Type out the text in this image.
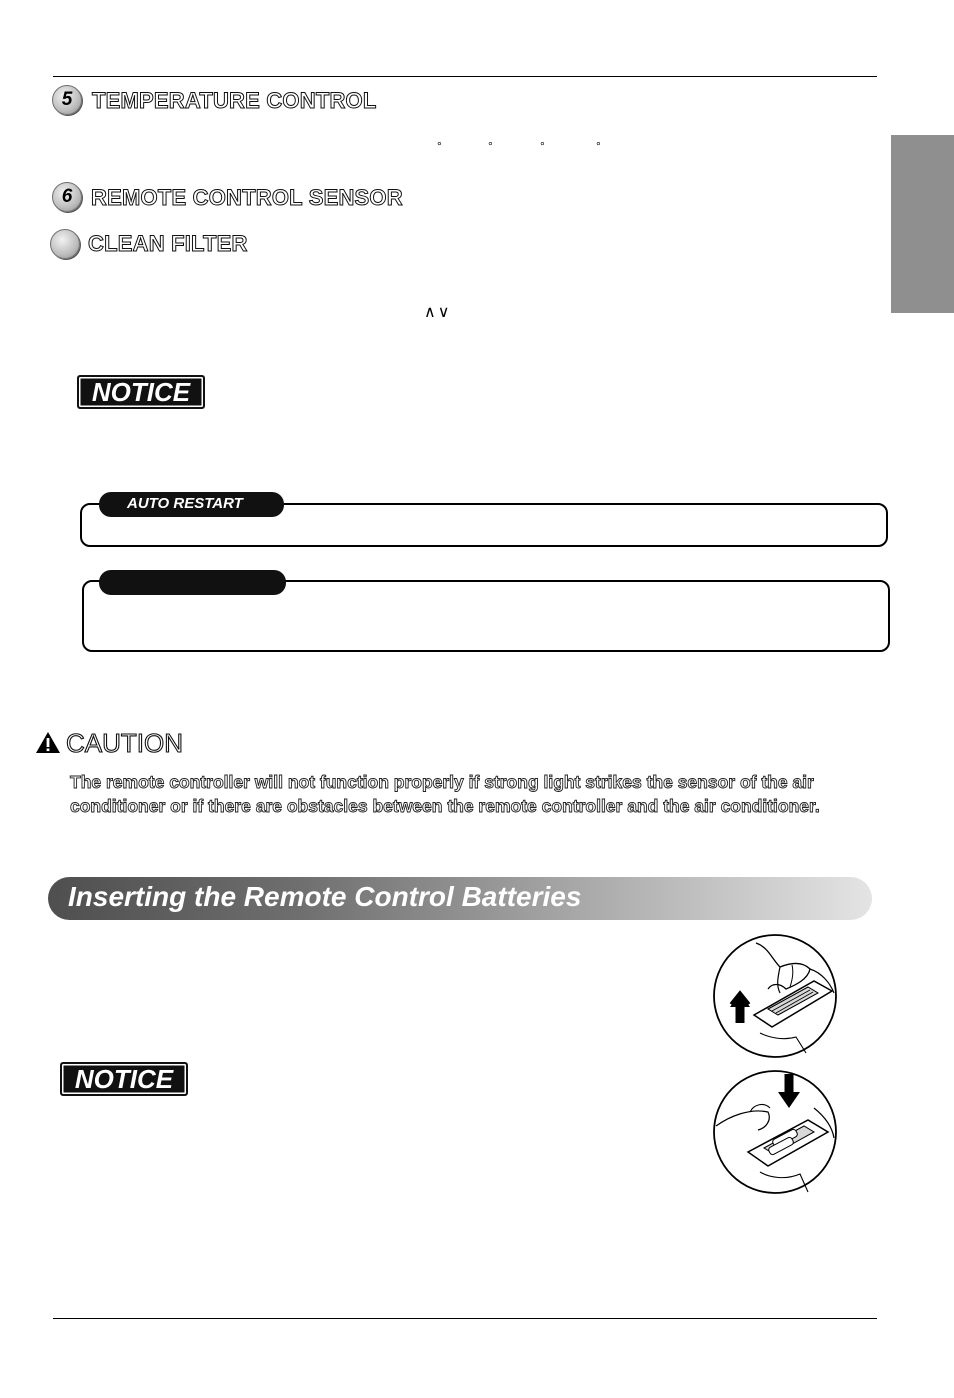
5 TEMPERATURE CONTROL
°	°	°	°
6 REMOTE CONTROL SENSOR
CLEAN FILTER
∧∨
NOTICE
AUTO RESTART
CAUTION
The remote controller will not function properly if strong light strikes the sensor of the air conditioner or if there are obstacles between the remote controller and the air conditioner.
Inserting the Remote Control Batteries
NOTICE
